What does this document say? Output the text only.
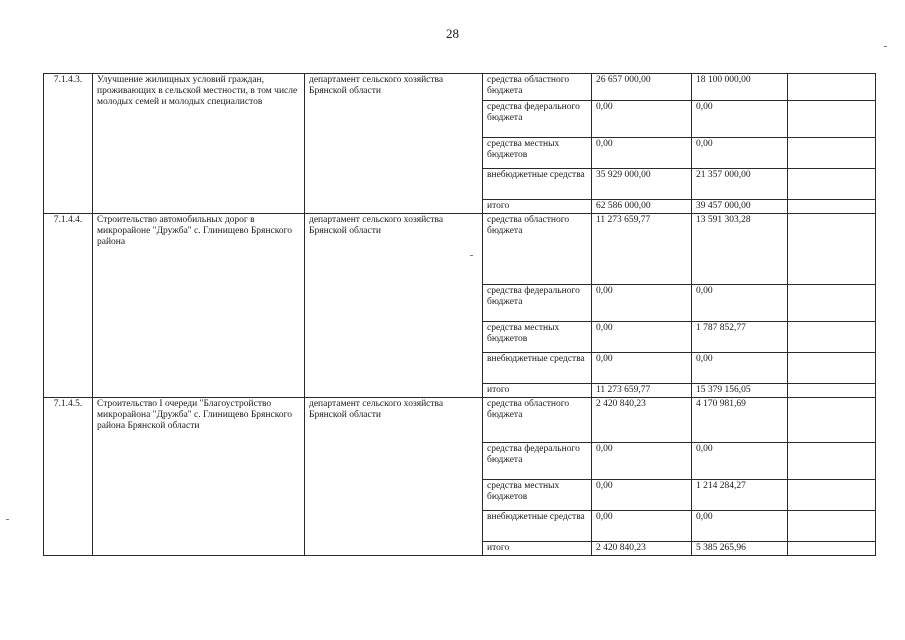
28
7.1.4.3.	Улучшение жилищных условий граждан, проживающих в сельской местности, в том числе молодых семей и молодых специалистов	департамент сельского хозяйства Брянской области	средства областного бюджета	26 657 000,00	18 100 000,00	
			средства федерального бюджета	0,00	0,00	
			средства местных бюджетов	0,00	0,00	
			внебюджетные средства	35 929 000,00	21 357 000,00	
			итого	62 586 000,00	39 457 000,00	
7.1.4.4.	Строительство автомобильных дорог в микрорайоне "Дружба" с. Глинищево Брянского района	департамент сельского хозяйства Брянской области	средства областного бюджета	11 273 659,77	13 591 303,28	
			средства федерального бюджета	0,00	0,00	
			средства местных бюджетов	0,00	1 787 852,77	
			внебюджетные средства	0,00	0,00	
			итого	11 273 659,77	15 379 156,05	
7.1.4.5.	Строительство I очереди "Благоустройство микрорайона "Дружба" с. Глинищево Брянского района Брянской области	департамент сельского хозяйства Брянской области	средства областного бюджета	2 420 840,23	4 170 981,69	
			средства федерального бюджета	0,00	0,00	
			средства местных бюджетов	0,00	1 214 284,27	
			внебюджетные средства	0,00	0,00	
			итого	2 420 840,23	5 385 265,96	
